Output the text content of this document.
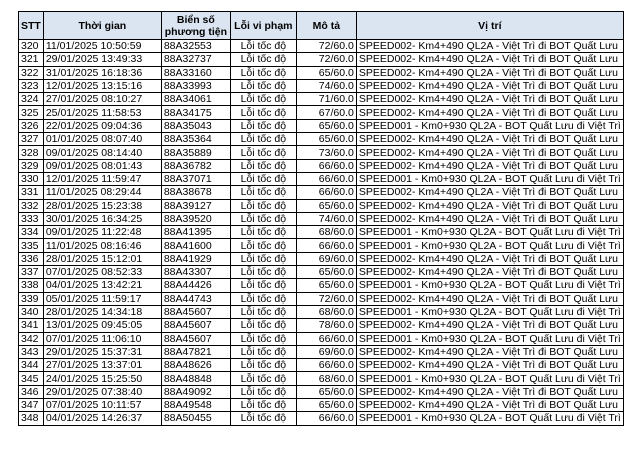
STT	Thời gian	Biển số phương tiện	Lỗi vi phạm	Mô tả	Vị trí
320	11/01/2025 10:50:59	88A32553	Lỗi tốc độ	72/60.0	SPEED002- Km4+490 QL2A - Việt Trì đi BOT Quất Lưu
321	29/01/2025 13:49:33	88A32737	Lỗi tốc độ	72/60.0	SPEED002- Km4+490 QL2A - Việt Trì đi BOT Quất Lưu
322	31/01/2025 16:18:36	88A33160	Lỗi tốc độ	65/60.0	SPEED002- Km4+490 QL2A - Việt Trì đi BOT Quất Lưu
323	12/01/2025 13:15:16	88A33993	Lỗi tốc độ	74/60.0	SPEED002- Km4+490 QL2A - Việt Trì đi BOT Quất Lưu
324	27/01/2025 08:10:27	88A34061	Lỗi tốc độ	71/60.0	SPEED002- Km4+490 QL2A - Việt Trì đi BOT Quất Lưu
325	25/01/2025 11:58:53	88A34175	Lỗi tốc độ	67/60.0	SPEED002- Km4+490 QL2A - Việt Trì đi BOT Quất Lưu
326	22/01/2025 09:04:36	88A35043	Lỗi tốc độ	65/60.0	SPEED001 - Km0+930 QL2A - BOT Quất Lưu đi Việt Trì
327	01/01/2025 08:07:40	88A35364	Lỗi tốc độ	65/60.0	SPEED002- Km4+490 QL2A - Việt Trì đi BOT Quất Lưu
328	09/01/2025 08:14:40	88A35889	Lỗi tốc độ	73/60.0	SPEED002- Km4+490 QL2A - Việt Trì đi BOT Quất Lưu
329	09/01/2025 08:01:43	88A36782	Lỗi tốc độ	66/60.0	SPEED002- Km4+490 QL2A - Việt Trì đi BOT Quất Lưu
330	12/01/2025 11:59:47	88A37071	Lỗi tốc độ	66/60.0	SPEED001 - Km0+930 QL2A - BOT Quất Lưu đi Việt Trì
331	11/01/2025 08:29:44	88A38678	Lỗi tốc độ	66/60.0	SPEED002- Km4+490 QL2A - Việt Trì đi BOT Quất Lưu
332	28/01/2025 15:23:38	88A39127	Lỗi tốc độ	65/60.0	SPEED002- Km4+490 QL2A - Việt Trì đi BOT Quất Lưu
333	30/01/2025 16:34:25	88A39520	Lỗi tốc độ	74/60.0	SPEED002- Km4+490 QL2A - Việt Trì đi BOT Quất Lưu
334	09/01/2025 11:22:48	88A41395	Lỗi tốc độ	68/60.0	SPEED001 - Km0+930 QL2A - BOT Quất Lưu đi Việt Trì
335	11/01/2025 08:16:46	88A41600	Lỗi tốc độ	66/60.0	SPEED001 - Km0+930 QL2A - BOT Quất Lưu đi Việt Trì
336	28/01/2025 15:12:01	88A41929	Lỗi tốc độ	69/60.0	SPEED002- Km4+490 QL2A - Việt Trì đi BOT Quất Lưu
337	07/01/2025 08:52:33	88A43307	Lỗi tốc độ	65/60.0	SPEED002- Km4+490 QL2A - Việt Trì đi BOT Quất Lưu
338	04/01/2025 13:42:21	88A44426	Lỗi tốc độ	65/60.0	SPEED001 - Km0+930 QL2A - BOT Quất Lưu đi Việt Trì
339	05/01/2025 11:59:17	88A44743	Lỗi tốc độ	72/60.0	SPEED002- Km4+490 QL2A - Việt Trì đi BOT Quất Lưu
340	28/01/2025 14:34:18	88A45607	Lỗi tốc độ	68/60.0	SPEED001 - Km0+930 QL2A - BOT Quất Lưu đi Việt Trì
341	13/01/2025 09:45:05	88A45607	Lỗi tốc độ	78/60.0	SPEED002- Km4+490 QL2A - Việt Trì đi BOT Quất Lưu
342	07/01/2025 11:06:10	88A45607	Lỗi tốc độ	66/60.0	SPEED001 - Km0+930 QL2A - BOT Quất Lưu đi Việt Trì
343	29/01/2025 15:37:31	88A47821	Lỗi tốc độ	69/60.0	SPEED002- Km4+490 QL2A - Việt Trì đi BOT Quất Lưu
344	27/01/2025 13:37:01	88A48626	Lỗi tốc độ	66/60.0	SPEED002- Km4+490 QL2A - Việt Trì đi BOT Quất Lưu
345	24/01/2025 15:25:50	88A48848	Lỗi tốc độ	68/60.0	SPEED001 - Km0+930 QL2A - BOT Quất Lưu đi Việt Trì
346	29/01/2025 07:38:40	88A49092	Lỗi tốc độ	65/60.0	SPEED002- Km4+490 QL2A - Việt Trì đi BOT Quất Lưu
347	07/01/2025 10:11:57	88A49548	Lỗi tốc độ	65/60.0	SPEED002- Km4+490 QL2A - Việt Trì đi BOT Quất Lưu
348	04/01/2025 14:26:37	88A50455	Lỗi tốc độ	66/60.0	SPEED001 - Km0+930 QL2A - BOT Quất Lưu đi Việt Trì
